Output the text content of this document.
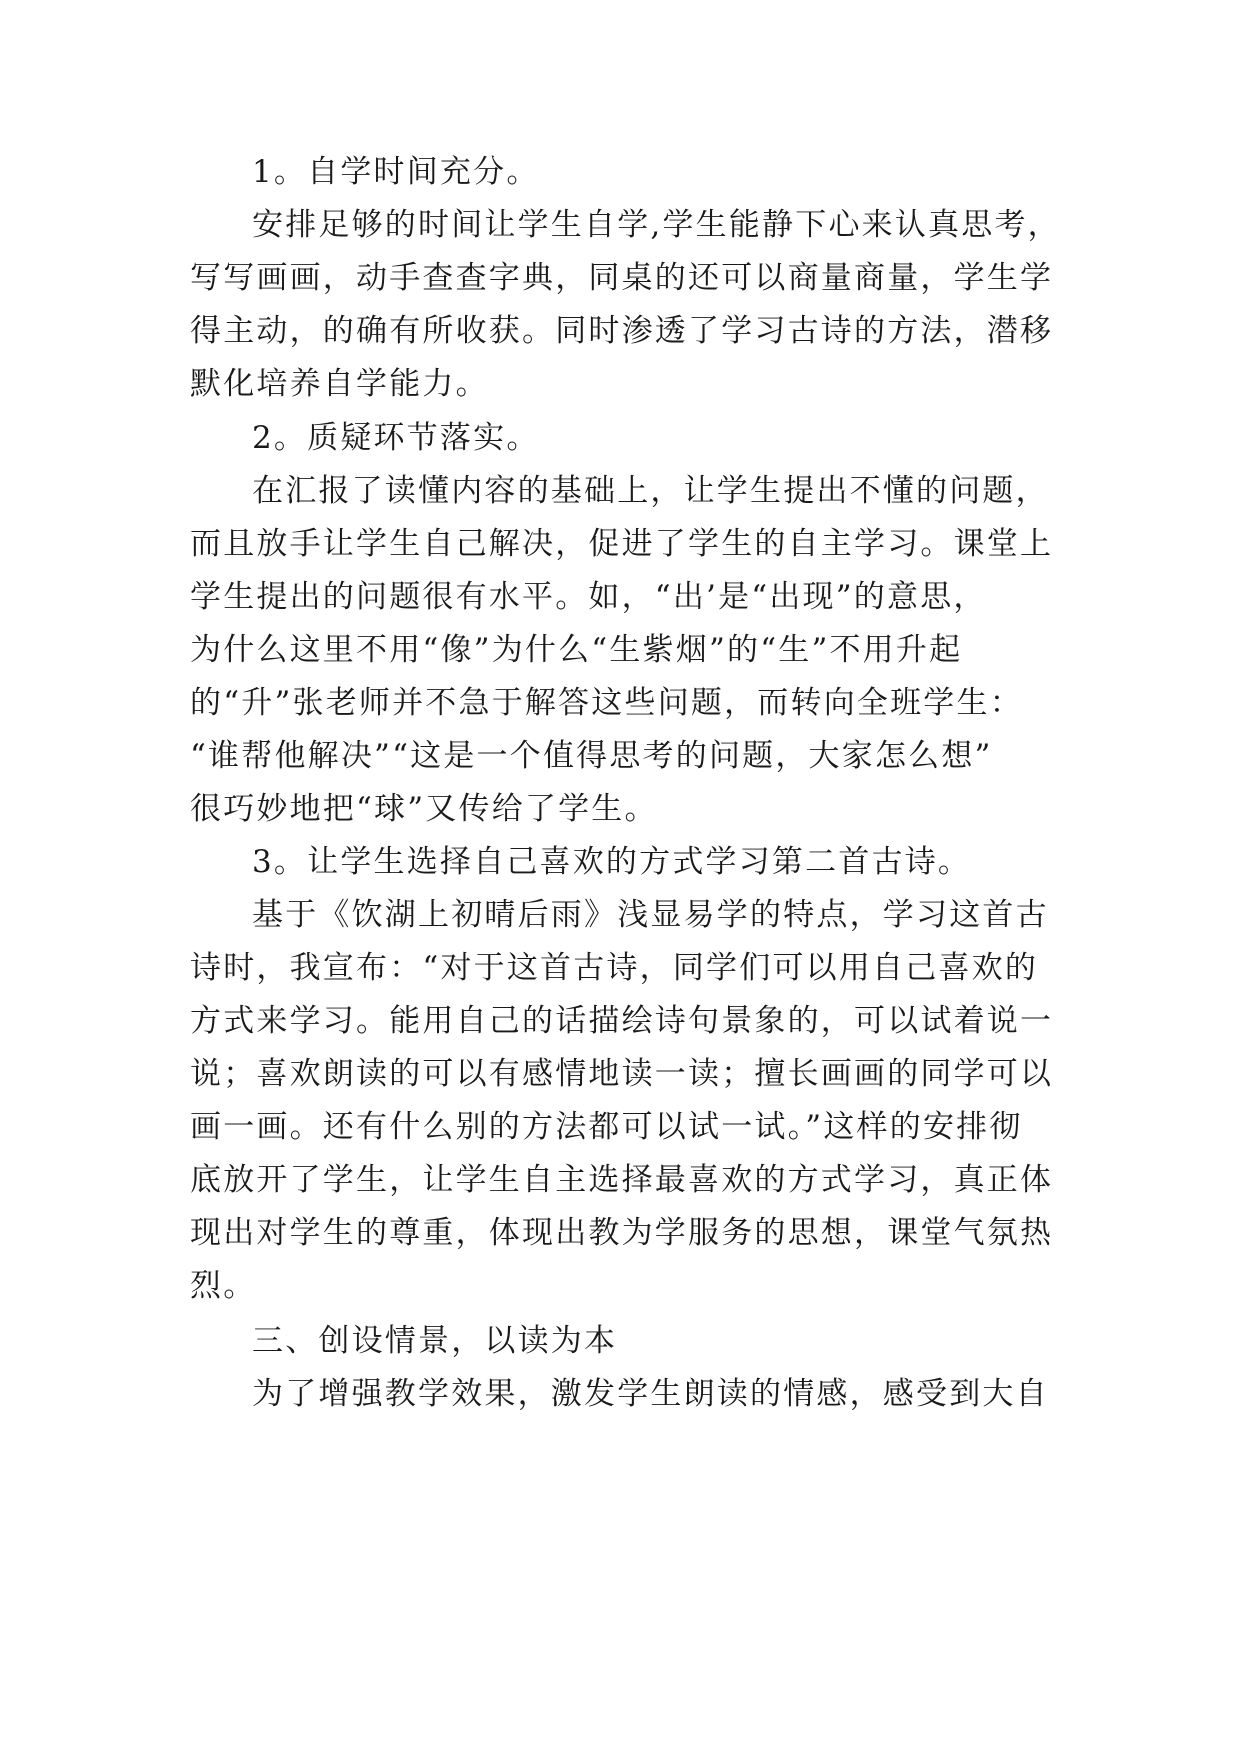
1。自学时间充分。
安排足够的时间让学生自学,学生能静下心来认真思考，
写写画画，动手查查字典，同桌的还可以商量商量，学生学
得主动，的确有所收获。同时渗透了学习古诗的方法，潜移
默化培养自学能力。
2。质疑环节落实。
在汇报了读懂内容的基础上，让学生提出不懂的问题，
而且放手让学生自己解决，促进了学生的自主学习。课堂上
学生提出的问题很有水平。如，“出’是“出现”的意思，
为什么这里不用“像”为什么“生紫烟”的“生”不用升起
的“升”张老师并不急于解答这些问题，而转向全班学生：
“谁帮他解决”“这是一个值得思考的问题，大家怎么想”
很巧妙地把“球”又传给了学生。
3。让学生选择自己喜欢的方式学习第二首古诗。
基于《饮湖上初晴后雨》浅显易学的特点，学习这首古
诗时，我宣布：“对于这首古诗，同学们可以用自己喜欢的
方式来学习。能用自己的话描绘诗句景象的，可以试着说一
说；喜欢朗读的可以有感情地读一读；擅长画画的同学可以
画一画。还有什么别的方法都可以试一试。”这样的安排彻
底放开了学生，让学生自主选择最喜欢的方式学习，真正体
现出对学生的尊重，体现出教为学服务的思想，课堂气氛热
烈。
三、创设情景，以读为本
为了增强教学效果，激发学生朗读的情感，感受到大自
